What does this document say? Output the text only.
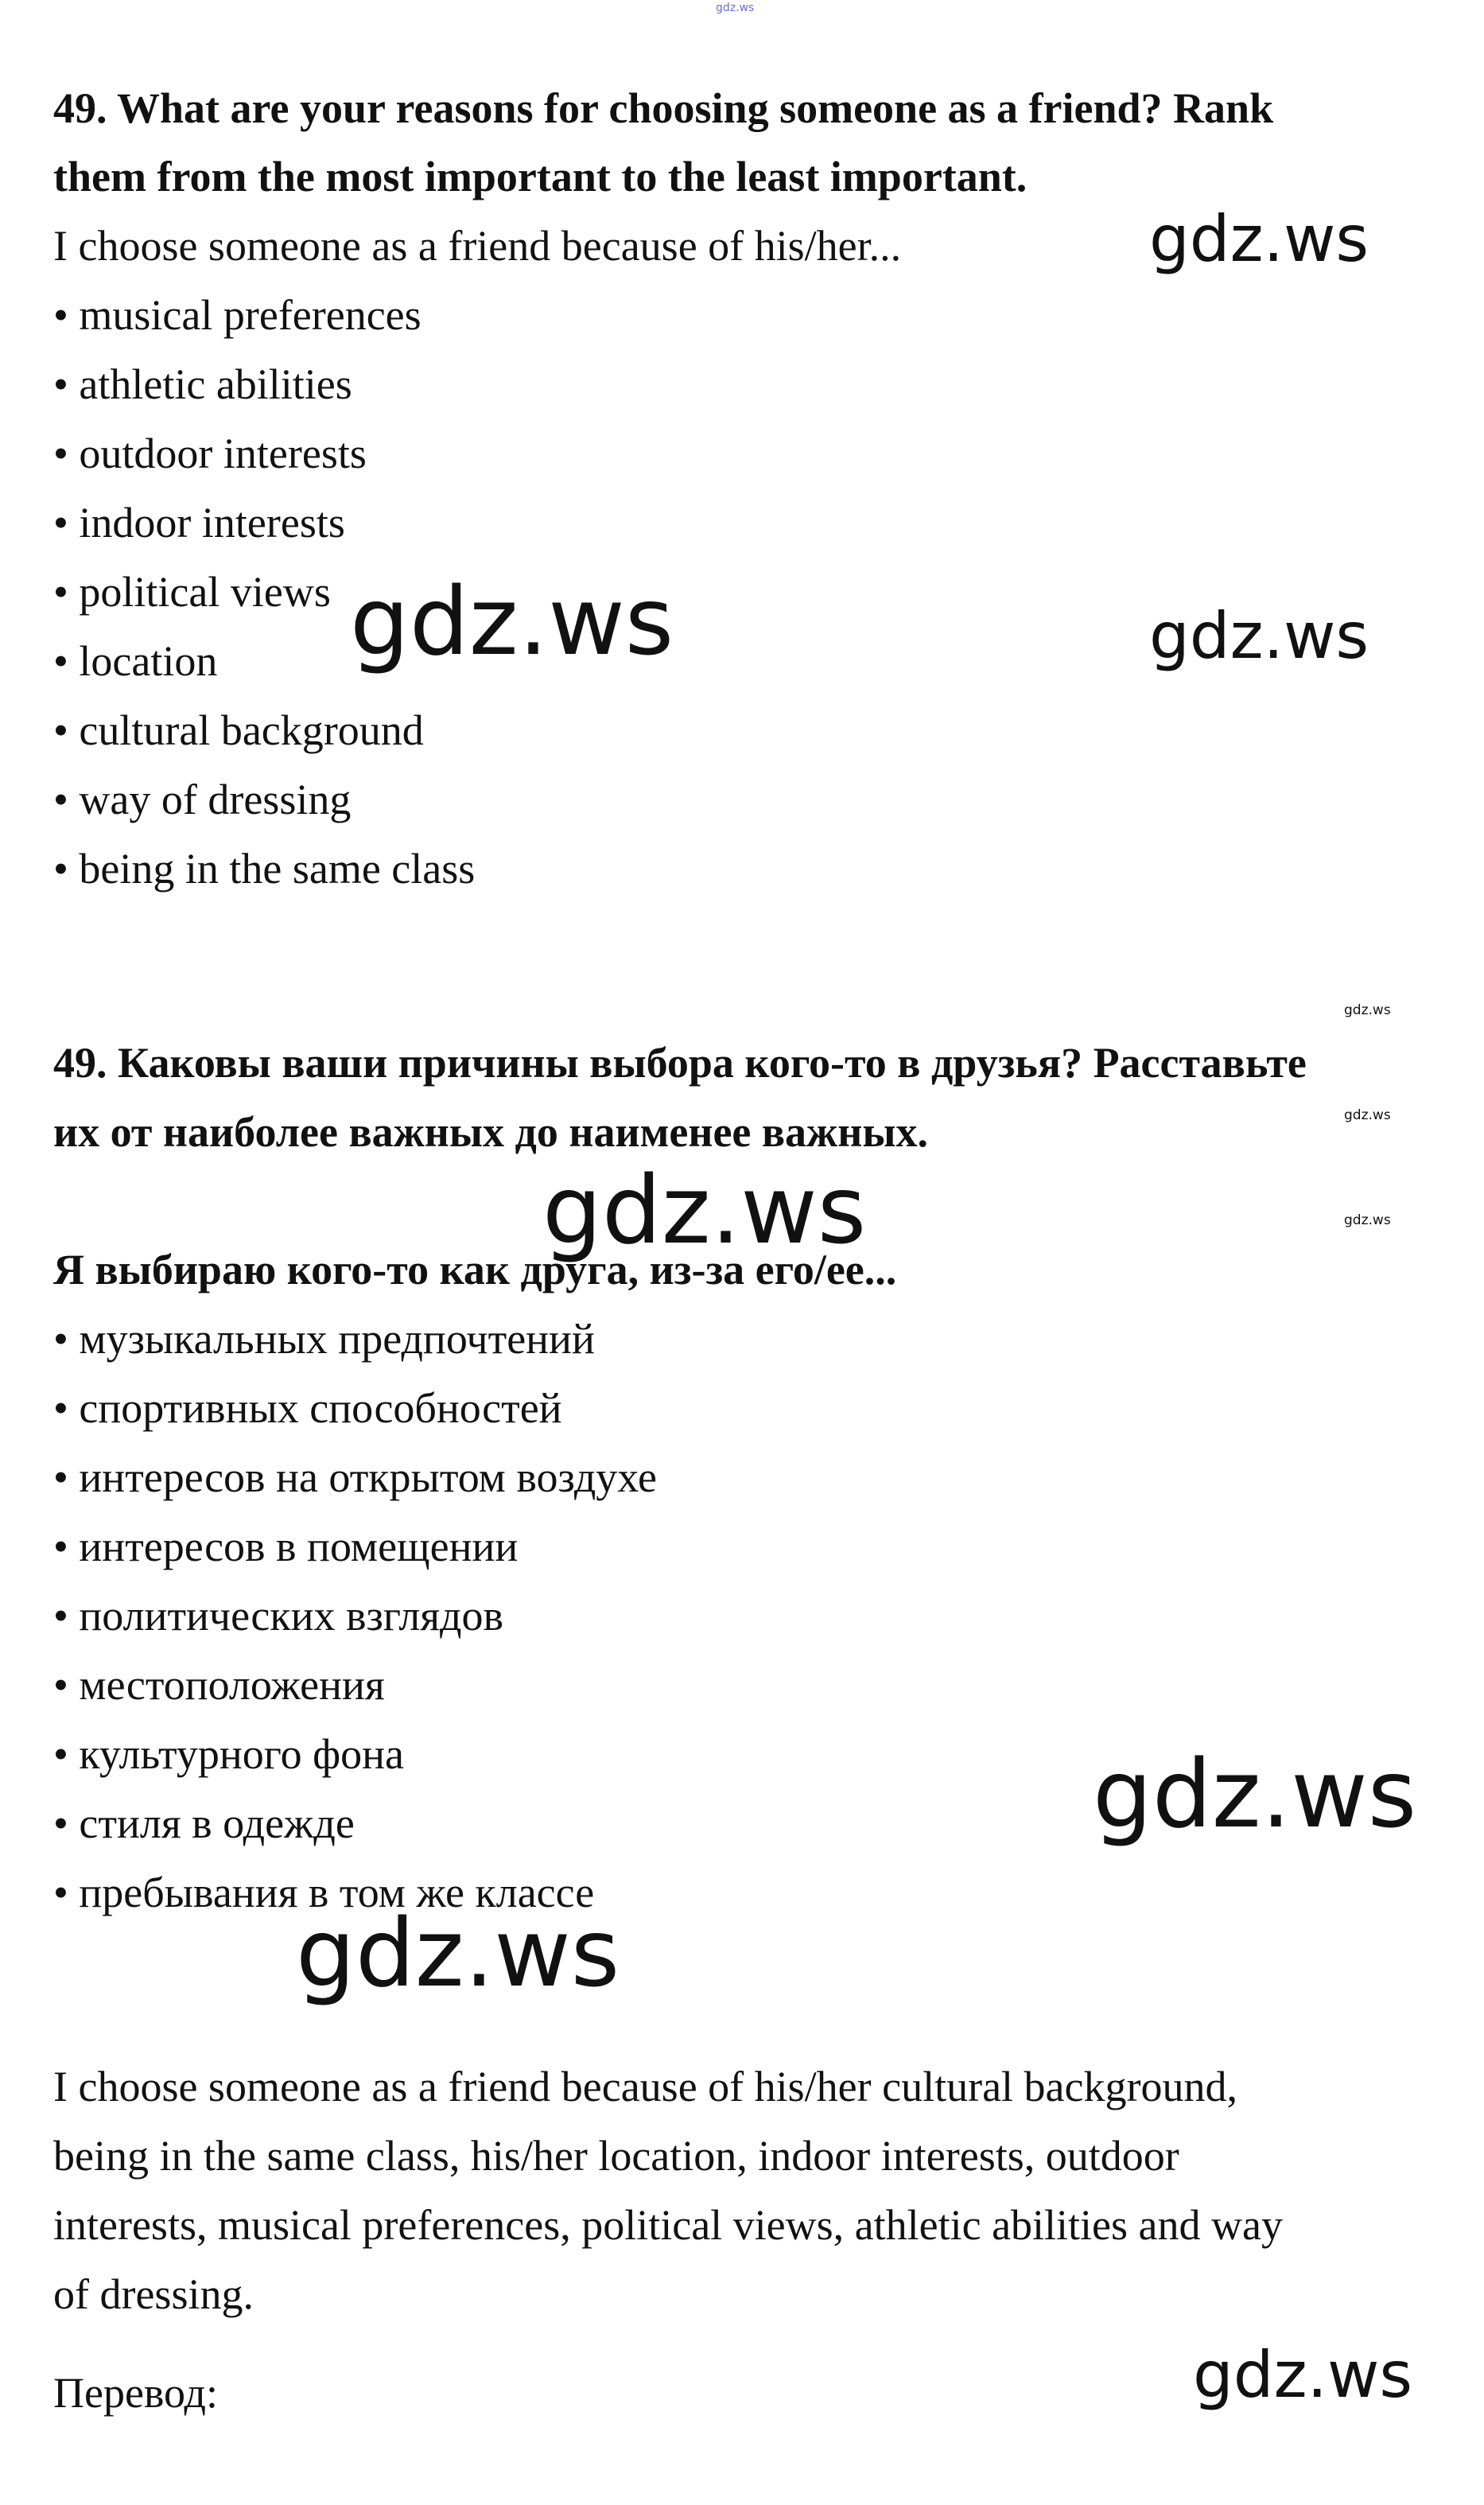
gdz.ws

49. What are your reasons for choosing someone as a friend? Rank

them from the most important to the least important.

I choose someone as a friend because of his/her...

• musical preferences

• athletic abilities

• outdoor interests

• indoor interests

• political views

• location

• cultural background

• way of dressing

• being in the same class

49. Каковы ваши причины выбора кого-то в друзья? Расставьте

их от наиболее важных до наименее важных.

Я выбираю кого-то как друга, из-за его/ее...

• музыкальных предпочтений

• спортивных способностей

• интересов на открытом воздухе

• интересов в помещении

• политических взглядов

• местоположения

• культурного фона

• стиля в одежде

• пребывания в том же классе

I choose someone as a friend because of his/her cultural background,

being in the same class, his/her location, indoor interests, outdoor

interests, musical preferences, political views, athletic abilities and way

of dressing.

Перевод:

gdz.ws

gdz.ws	gdz.ws

gdz.ws

gdz.ws

gdz.ws	gdz.ws

gdz.ws

gdz.ws

gdz.ws
